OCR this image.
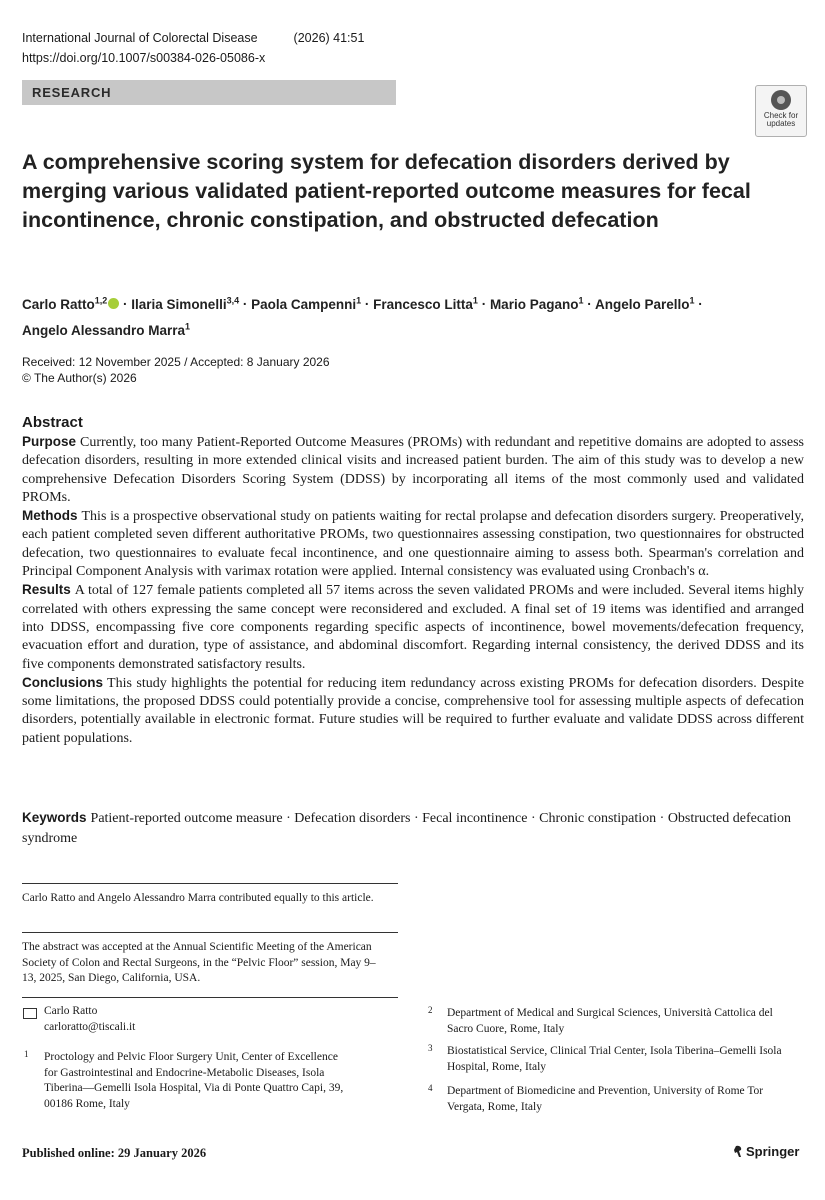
International Journal of Colorectal Disease	(2026) 41:51
https://doi.org/10.1007/s00384-026-05086-x
RESEARCH
Check for
updates
A comprehensive scoring system for defecation disorders derived by merging various validated patient-reported outcome measures for fecal incontinence, chronic constipation, and obstructed defecation
Carlo Ratto$^{1,2}$ · Ilaria Simonelli$^{3,4}$ · Paola Campenni$^1$ · Francesco Litta$^1$ · Mario Pagano$^1$ · Angelo Parello$^1$ ·
Angelo Alessandro Marra$^1$
Received: 12 November 2025 / Accepted: 8 January 2026
© The Author(s) 2026
Abstract

Purpose Currently, too many Patient-Reported Outcome Measures (PROMs) with redundant and repetitive domains are adopted to assess defecation disorders, resulting in more extended clinical visits and increased patient burden. The aim of this study was to develop a new comprehensive Defecation Disorders Scoring System (DDSS) by incorporating all items of the most commonly used and validated PROMs.

Methods This is a prospective observational study on patients waiting for rectal prolapse and defecation disorders surgery. Preoperatively, each patient completed seven different authoritative PROMs, two questionnaires assessing constipation, two questionnaires for obstructed defecation, two questionnaires to evaluate fecal incontinence, and one questionnaire aiming to assess both. Spearman's correlation and Principal Component Analysis with varimax rotation were applied. Internal consistency was evaluated using Cronbach's α.

Results A total of 127 female patients completed all 57 items across the seven validated PROMs and were included. Several items highly correlated with others expressing the same concept were reconsidered and excluded. A final set of 19 items was identified and arranged into DDSS, encompassing five core components regarding specific aspects of incontinence, bowel movements/defecation frequency, evacuation effort and duration, type of assistance, and abdominal discomfort. Regarding internal consistency, the derived DDSS and its five components demonstrated satisfactory results.

Conclusions This study highlights the potential for reducing item redundancy across existing PROMs for defecation disorders. Despite some limitations, the proposed DDSS could potentially provide a concise, comprehensive tool for assessing multiple aspects of defecation disorders, potentially available in electronic format. Future studies will be required to further evaluate and validate DDSS across different patient populations.

Keywords Patient-reported outcome measure · Defecation disorders · Fecal incontinence · Chronic constipation · Obstructed defecation syndrome
Carlo Ratto and Angelo Alessandro Marra contributed equally to this article.
The abstract was accepted at the Annual Scientific Meeting of the American Society of Colon and Rectal Surgeons, in the “Pelvic Floor” session, May 9–13, 2025, San Diego, California, USA.
Carlo Ratto
carloratto@tiscali.it
1 Proctology and Pelvic Floor Surgery Unit, Center of Excellence for Gastrointestinal and Endocrine-Metabolic Diseases, Isola Tiberina—Gemelli Isola Hospital, Via di Ponte Quattro Capi, 39, 00186 Rome, Italy
2 Department of Medical and Surgical Sciences, Università Cattolica del Sacro Cuore, Rome, Italy
3 Biostatistical Service, Clinical Trial Center, Isola Tiberina–Gemelli Isola Hospital, Rome, Italy
4 Department of Biomedicine and Prevention, University of Rome Tor Vergata, Rome, Italy
Published online: 29 January 2026	Springer
